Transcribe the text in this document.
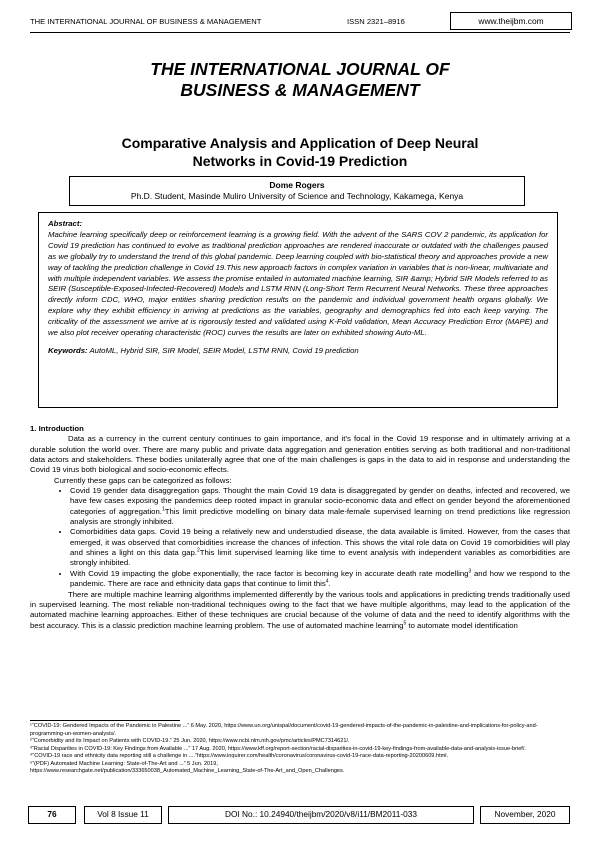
THE INTERNATIONAL JOURNAL OF BUSINESS & MANAGEMENT	ISSN 2321–8916	www.theijbm.com
THE INTERNATIONAL JOURNAL OF
BUSINESS & MANAGEMENT
Comparative Analysis and Application of Deep Neural
Networks in Covid-19 Prediction
Dome Rogers
Ph.D. Student, Masinde Muliro University of Science and Technology, Kakamega, Kenya
Abstract:

Machine learning specifically deep or reinforcement learning is a growing field. With the advent of the SARS COV 2 pandemic, its application for Covid 19 prediction has continued to evolve as traditional prediction approaches are rendered inaccurate or outdated with the challenges paused as we globally try to understand the trend of this global pandemic. Deep learning coupled with bio-statistical theory and approaches provide a new way of tackling the prediction challenge in Covid 19.This new approach factors in complex variation in variables that is non-linear, multivariate and with multiple independent variables. We assess the promise entailed in automated machine learning, SIR &amp; Hybrid SIR Models referred to as SEIR (Susceptible-Exposed-Infected-Recovered) Models and LSTM RNN (Long-Short Term Recurrent Neural Networks. These three approaches directly inform CDC, WHO, major entities sharing prediction results on the pandemic and individual government health organs globally. We explore why they exhibit efficiency in arriving at predictions as the variables, geography and demographics fed into each keep varying. The criticality of the assessment we arrive at is rigorously tested and validated using K-Fold validation, Mean Accuracy Prediction Error (MAPE) and we also plot receiver operating characteristic (ROC) curves the results are later on exhibited showing Auto-ML.

Keywords: AutoML, Hybrid SIR, SIR Model, SEIR Model, LSTM RNN, Covid 19 prediction

1. Introduction

Data as a currency in the current century continues to gain importance, and it’s focal in the Covid 19 response and in ultimately arriving at a durable solution the world over. There are many public and private data aggregation and generation entities serving as both traditional and non-traditional data actors and stakeholders. These bodies unilaterally agree that one of the main challenges is gaps in the data to aid in response and understanding the Covid 19 virus both biological and socio-economic effects.

Currently these gaps can be categorized as follows:

• Covid 19 gender data disaggregation gaps. Thought the main Covid 19 data is disaggregated by gender on deaths, infected and recovered, we have few cases exposing the pandemics deep rooted impact in granular socio-economic data and effect on gender beyond the aforementioned categories of aggregation.$^1$This limit predictive modelling on binary data male-female supervised learning on trend predictions like regression analysis are strongly inhibited.
• Comorbidities data gaps. Covid 19 being a relatively new and understudied disease, the data available is limited. However, from the cases that emerged, it was observed that comorbidities increase the chances of infection. This shows the vital role data on Covid 19 comorbidities will play and shines a light on this data gap.$^2$This limit supervised learning like time to event analysis with independent variables as comorbidities are strongly inhibited.
• With Covid 19 impacting the globe exponentially, the race factor is becoming key in accurate death rate modelling$^3$ and how we respond to the pandemic. There are race and ethnicity data gaps that continue to limit this$^4$.

There are multiple machine learning algorithms implemented differently by the various tools and applications in predicting trends traditionally used in supervised learning. The most reliable non-traditional techniques owing to the fact that we have multiple algorithms, may lead to the application of the automated machine learning approaches. Either of these techniques are crucial because of the volume of data and the need to identify algorithms with the best accuracy. This is a classic prediction machine learning problem. The use of automated machine learning$^5$ to automate model identification

¹“COVID-19: Gendered Impacts of the Pandemic in Palestine ...” 6 May. 2020, https://www.un.org/unispal/document/covid-19-gendered-impacts-of-the-pandemic-in-palestine-and-implications-for-policy-and-programming-un-women-analysis/.

²“Comorbidity and its Impact on Patients with COVID-19.” 25 Jun. 2020, https://www.ncbi.nlm.nih.gov/pmc/articles/PMC7314621/.

³“Racial Disparities in COVID-19: Key Findings from Available ...” 17 Aug. 2020, https://www.kff.org/report-section/racial-disparities-in-covid-19-key-findings-from-available-data-and-analysis-issue-brief/.

⁴“COVID-19 race and ethnicity data reporting still a challenge in ....”https://www.inquirer.com/health/coronavirus/coronavirus-covid-19-race-data-reporting-20200609.html.

⁵“(PDF) Automated Machine Learning: State-of-The-Art and ...” 5 Jun. 2019,

https://www.researchgate.net/publication/333650038_Automated_Machine_Learning_State-of-The-Art_and_Open_Challenges.

76	Vol 8 Issue 11	DOI No.: 10.24940/theijbm/2020/v8/i11/BM2011-033	November, 2020
